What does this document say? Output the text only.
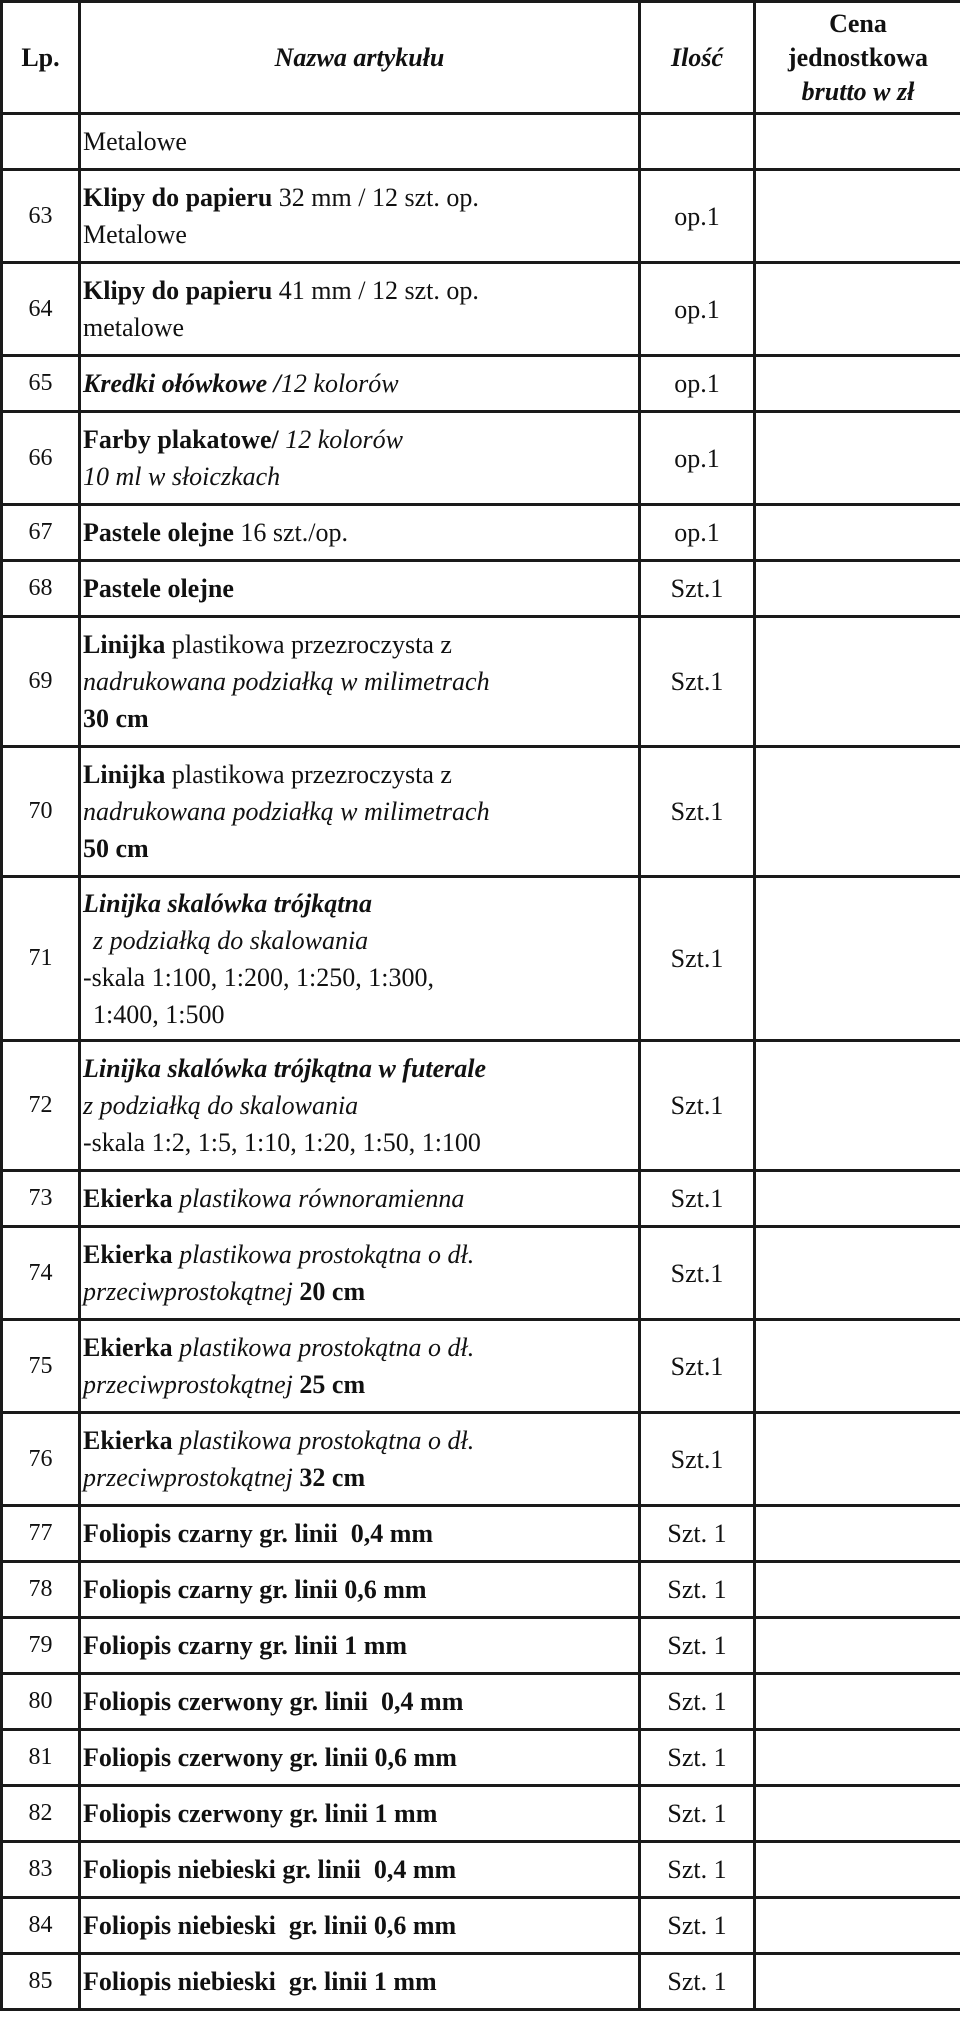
Lp.	Nazwa artykułu	Ilość	Cena
jednostkowa
brutto w zł

	Metalowe		
63	Klipy do papieru 32 mm / 12 szt. op.
Metalowe	op.1	
64	Klipy do papieru 41 mm / 12 szt. op.
metalowe	op.1	
65	Kredki ołówkowe /12 kolorów	op.1	
66	Farby plakatowe/ 12 kolorów
10 ml w słoiczkach	op.1	
67	Pastele olejne 16 szt./op.	op.1	
68	Pastele olejne	Szt.1	
69	Linijka plastikowa przezroczysta z
nadrukowana podziałką w milimetrach
30 cm	Szt.1	
70	Linijka plastikowa przezroczysta z
nadrukowana podziałką w milimetrach
50 cm	Szt.1	
71	Linijka skalówka trójkątna
z podziałką do skalowania
-skala 1:100, 1:200, 1:250, 1:300,
1:400, 1:500	Szt.1	
72	Linijka skalówka trójkątna w futerale
z podziałką do skalowania
-skala 1:2, 1:5, 1:10, 1:20, 1:50, 1:100	Szt.1	
73	Ekierka plastikowa równoramienna	Szt.1	
74	Ekierka plastikowa prostokątna o dł.
przeciwprostokątnej 20 cm	Szt.1	
75	Ekierka plastikowa prostokątna o dł.
przeciwprostokątnej 25 cm	Szt.1	
76	Ekierka plastikowa prostokątna o dł.
przeciwprostokątnej 32 cm	Szt.1	
77	Foliopis czarny gr. linii  0,4 mm	Szt. 1	
78	Foliopis czarny gr. linii 0,6 mm	Szt. 1	
79	Foliopis czarny gr. linii 1 mm	Szt. 1	
80	Foliopis czerwony gr. linii  0,4 mm	Szt. 1	
81	Foliopis czerwony gr. linii 0,6 mm	Szt. 1	
82	Foliopis czerwony gr. linii 1 mm	Szt. 1	
83	Foliopis niebieski gr. linii  0,4 mm	Szt. 1	
84	Foliopis niebieski  gr. linii 0,6 mm	Szt. 1	
85	Foliopis niebieski  gr. linii 1 mm	Szt. 1	
